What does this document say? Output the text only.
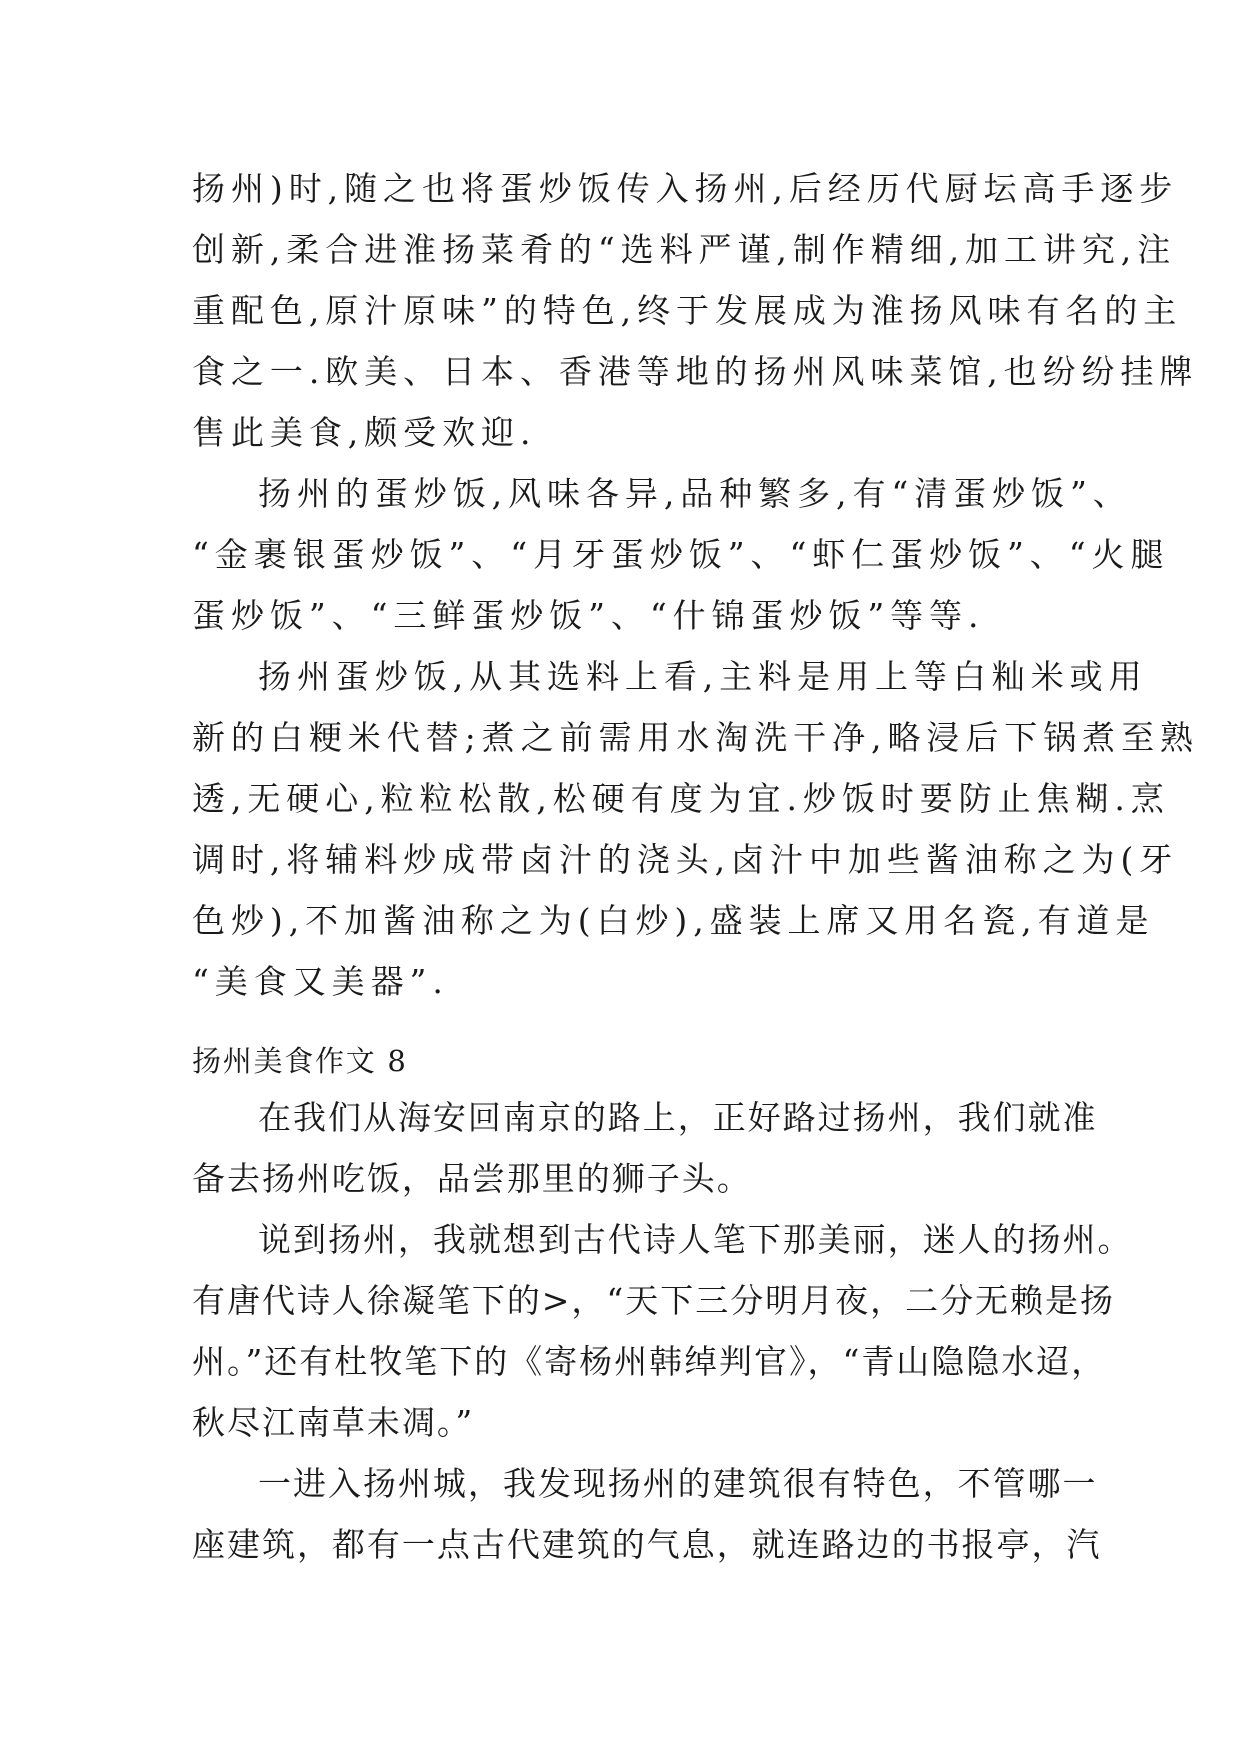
扬州)时,随之也将蛋炒饭传入扬州,后经历代厨坛高手逐步
创新,柔合进淮扬菜肴的“选料严谨,制作精细,加工讲究,注
重配色,原汁原味”的特色,终于发展成为淮扬风味有名的主
食之一.欧美、日本、香港等地的扬州风味菜馆,也纷纷挂牌
售此美食,颇受欢迎.
扬州的蛋炒饭,风味各异,品种繁多,有“清蛋炒饭”、
“金裹银蛋炒饭”、“月牙蛋炒饭”、“虾仁蛋炒饭”、“火腿
蛋炒饭”、“三鲜蛋炒饭”、“什锦蛋炒饭”等等.
扬州蛋炒饭,从其选料上看,主料是用上等白籼米或用
新的白粳米代替;煮之前需用水淘洗干净,略浸后下锅煮至熟
透,无硬心,粒粒松散,松硬有度为宜.炒饭时要防止焦糊.烹
调时,将辅料炒成带卤汁的浇头,卤汁中加些酱油称之为(牙
色炒),不加酱油称之为(白炒),盛装上席又用名瓷,有道是
“美食又美器”.
扬州美食作文 8
在我们从海安回南京的路上，正好路过扬州，我们就准
备去扬州吃饭，品尝那里的狮子头。
说到扬州，我就想到古代诗人笔下那美丽，迷人的扬州。
有唐代诗人徐凝笔下的>，“天下三分明月夜，二分无赖是扬
州。”还有杜牧笔下的《寄杨州韩绰判官》，“青山隐隐水迢，
秋尽江南草未凋。”
一进入扬州城，我发现扬州的建筑很有特色，不管哪一
座建筑，都有一点古代建筑的气息，就连路边的书报亭，汽
